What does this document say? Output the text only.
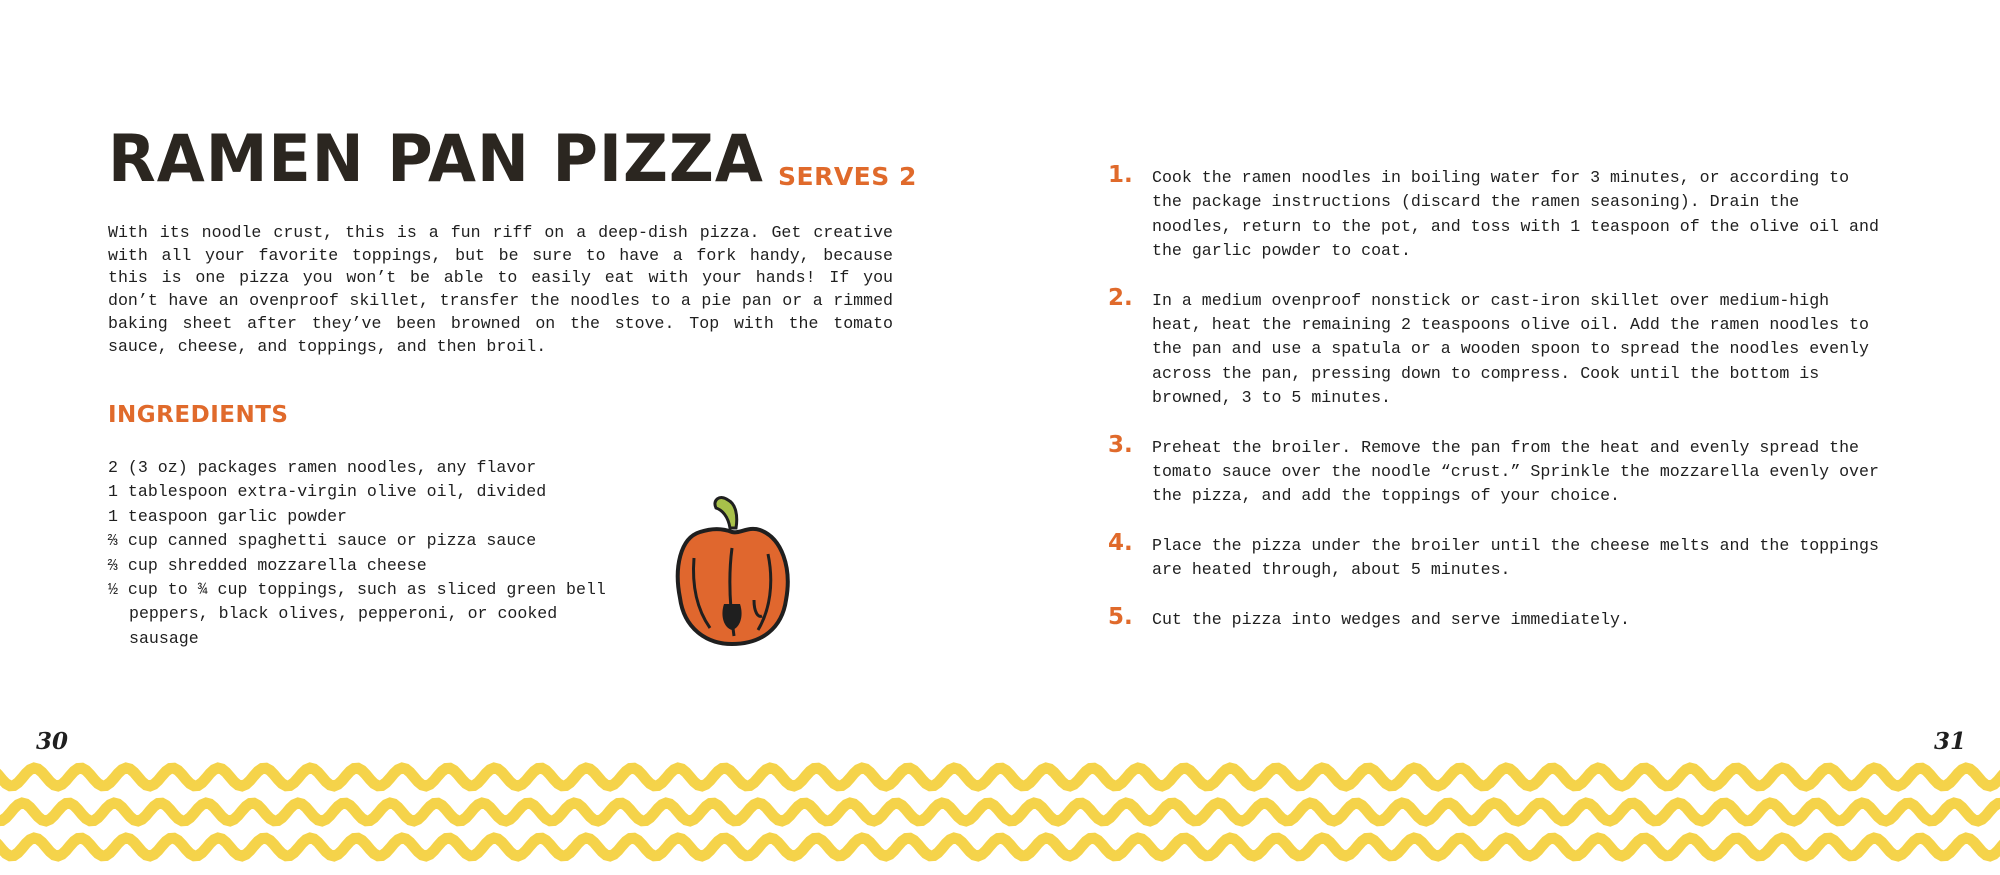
RAMEN PAN PIZZA SERVES 2

With its noodle crust, this is a fun riff on a deep-dish pizza. Get creative with all your favorite toppings, but be sure to have a fork handy, because this is one pizza you won’t be able to easily eat with your hands! If you don’t have an ovenproof skillet, transfer the noodles to a pie pan or a rimmed baking sheet after they’ve been browned on the stove. Top with the tomato sauce, cheese, and toppings, and then broil.

INGREDIENTS
2 (3 oz) packages ramen noodles, any flavor
1 tablespoon extra-virgin olive oil, divided
1 teaspoon garlic powder
⅔ cup canned spaghetti sauce or pizza sauce
⅔ cup shredded mozzarella cheese
½ cup to ¾ cup toppings, such as sliced green bell peppers, black olives, pepperoni, or cooked sausage
1. Cook the ramen noodles in boiling water for 3 minutes, or according to the package instructions (discard the ramen seasoning). Drain the noodles, return to the pot, and toss with 1 teaspoon of the olive oil and the garlic powder to coat.

2. In a medium ovenproof nonstick or cast-iron skillet over medium-high heat, heat the remaining 2 teaspoons olive oil. Add the ramen noodles to the pan and use a spatula or a wooden spoon to spread the noodles evenly across the pan, pressing down to compress. Cook until the bottom is browned, 3 to 5 minutes.

3. Preheat the broiler. Remove the pan from the heat and evenly spread the tomato sauce over the noodle “crust.” Sprinkle the mozzarella evenly over the pizza, and add the toppings of your choice.

4. Place the pizza under the broiler until the cheese melts and the toppings are heated through, about 5 minutes.

5. Cut the pizza into wedges and serve immediately.

30	31
